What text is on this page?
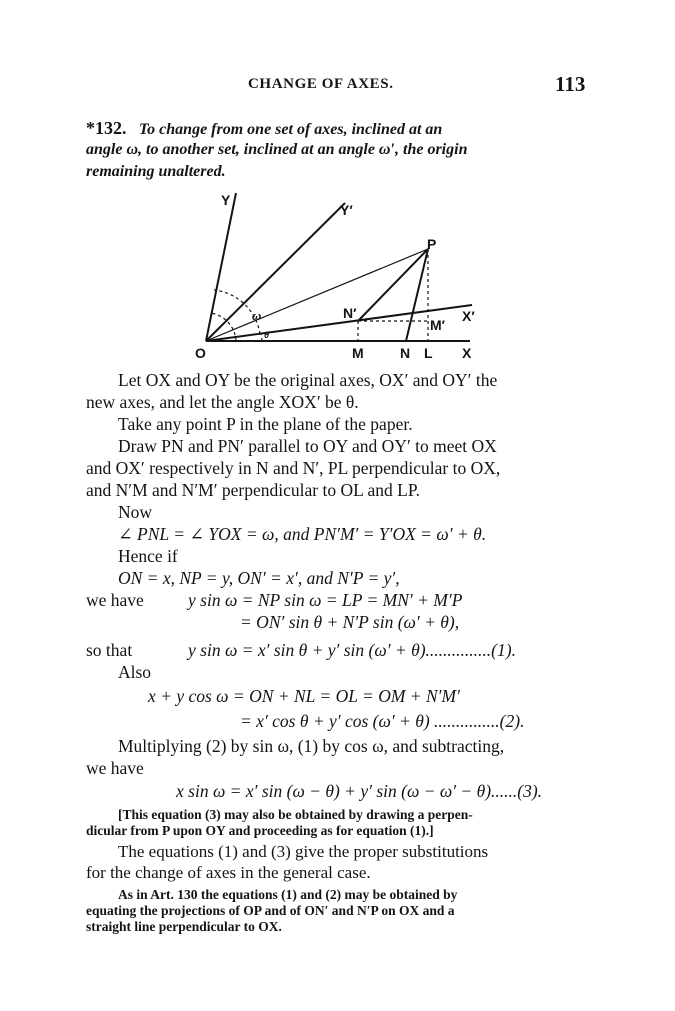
CHANGE OF AXES.	113
*132. To change from one set of axes, inclined at an
angle ω, to another set, inclined at an angle ω′, the origin
remaining unaltered.
Y
Y′
P
X′
N′
M′
O	M	N L X
ω
θ
Let OX and OY be the original axes, OX′ and OY′ the
new axes, and let the angle XOX′ be θ.
Take any point P in the plane of the paper.
Draw PN and PN′ parallel to OY and OY′ to meet OX
and OX′ respectively in N and N′, PL perpendicular to OX,
and N′M and N′M′ perpendicular to OL and LP.
Now
∠ PNL = ∠ YOX = ω, and PN′M′ = Y′OX = ω′ + θ.
Hence if
ON = x, NP = y, ON′ = x′, and N′P = y′,
we have	y sin ω = NP sin ω = LP = MN′ + M′P
= ON′ sin θ + N′P sin (ω′ + θ),
so that	y sin ω = x′ sin θ + y′ sin (ω′ + θ)...............(1).
Also
x + y cos ω = ON + NL = OL = OM + N′M′
= x′ cos θ + y′ cos (ω′ + θ) ...............(2).
Multiplying (2) by sin ω, (1) by cos ω, and subtracting,
we have
x sin ω = x′ sin (ω − θ) + y′ sin (ω − ω′ − θ)......(3).
[This equation (3) may also be obtained by drawing a perpen-
dicular from P upon OY and proceeding as for equation (1).]
The equations (1) and (3) give the proper substitutions
for the change of axes in the general case.
As in Art. 130 the equations (1) and (2) may be obtained by
equating the projections of OP and of ON′ and N′P on OX and a
straight line perpendicular to OX.
